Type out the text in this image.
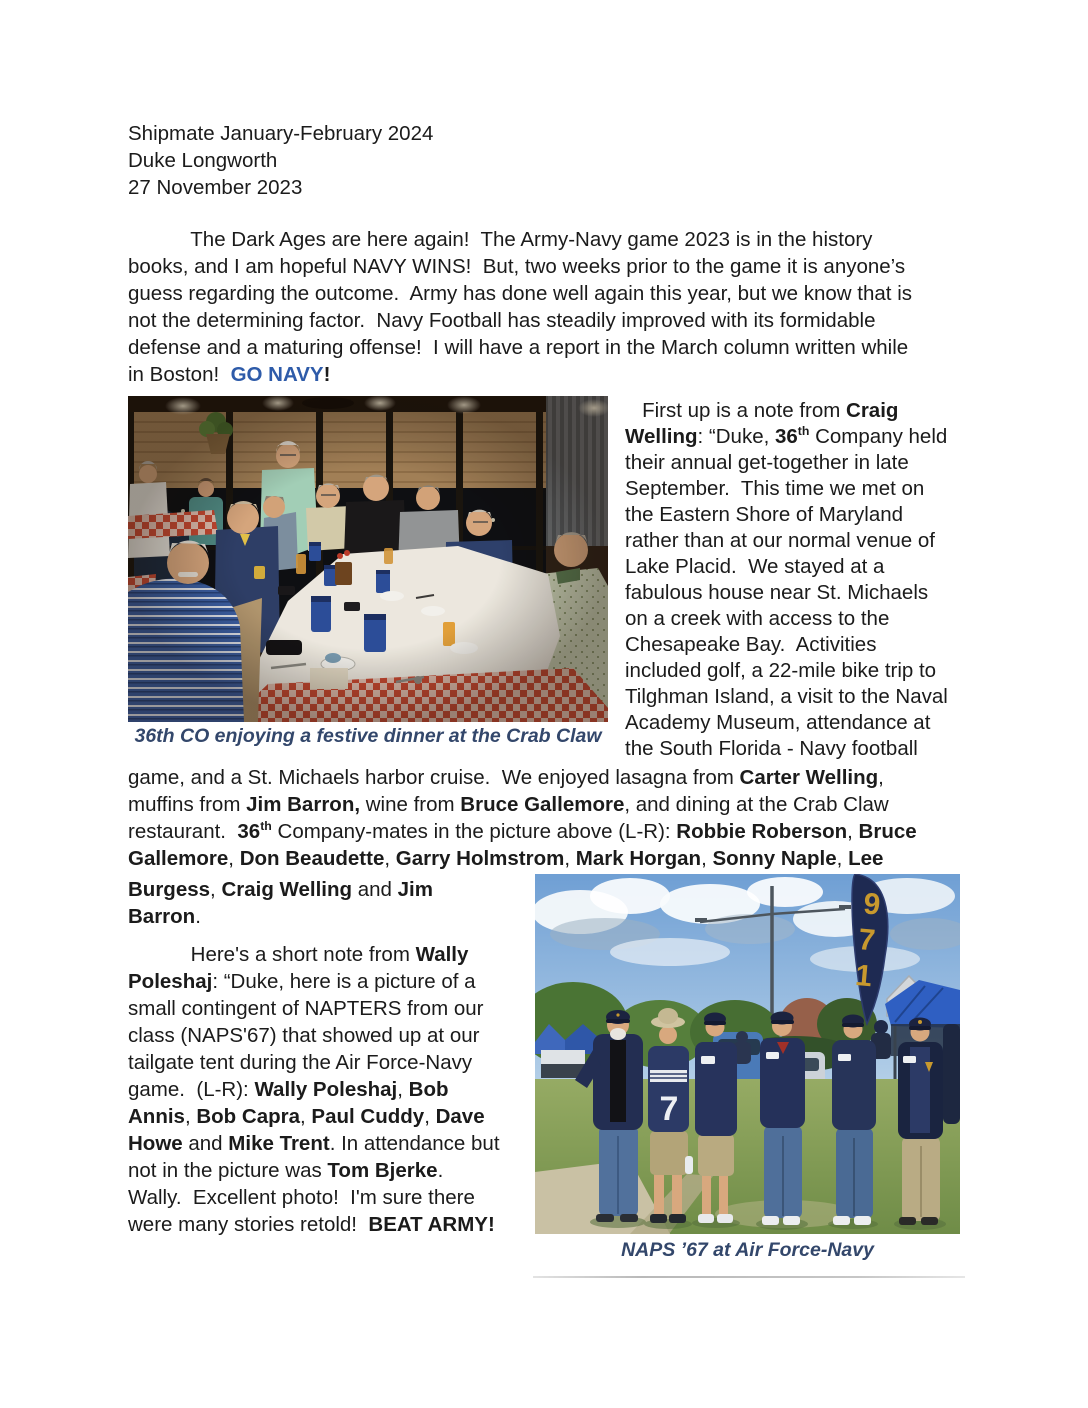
Shipmate January-February 2024
Duke Longworth
27 November 2023
The Dark Ages are here again!  The Army-Navy game 2023 is in the history
books, and I am hopeful NAVY WINS!  But, two weeks prior to the game it is anyone’s
guess regarding the outcome.  Army has done well again this year, but we know that is
not the determining factor.  Navy Football has steadily improved with its formidable
defense and a maturing offense!  I will have a report in the March column written while
in Boston!  GO NAVY!
36th CO enjoying a festive dinner at the Crab Claw
First up is a note from Craig
Welling: “Duke, 36th Company held
their annual get-together in late
September.  This time we met on
the Eastern Shore of Maryland
rather than at our normal venue of
Lake Placid.  We stayed at a
fabulous house near St. Michaels
on a creek with access to the
Chesapeake Bay.  Activities
included golf, a 22-mile bike trip to
Tilghman Island, a visit to the Naval
Academy Museum, attendance at
the South Florida - Navy football
game, and a St. Michaels harbor cruise.  We enjoyed lasagna from Carter Welling,
muffins from Jim Barron, wine from Bruce Gallemore, and dining at the Crab Claw
restaurant.  36th Company-mates in the picture above (L-R): Robbie Roberson, Bruce
Gallemore, Don Beaudette, Garry Holmstrom, Mark Horgan, Sonny Naple, Lee
Burgess, Craig Welling and Jim
Barron.
Here's a short note from Wally
Poleshaj: “Duke, here is a picture of a
small contingent of NAPTERS from our
class (NAPS'67) that showed up at our
tailgate tent during the Air Force-Navy
game.  (L-R): Wally Poleshaj, Bob
Annis, Bob Capra, Paul Cuddy, Dave
Howe and Mike Trent. In attendance but
not in the picture was Tom Bjerke.
Wally.  Excellent photo!  I'm sure there
were many stories retold!  BEAT ARMY!
9
7
1
7
NAPS ’67 at Air Force-Navy
